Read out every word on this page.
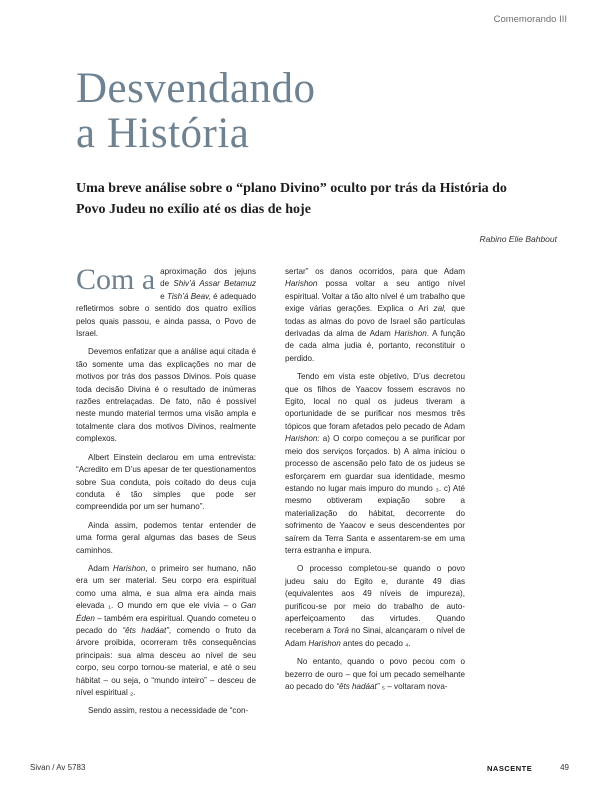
Comemorando III
Desvendando
a História

Uma breve análise sobre o “plano Divino” oculto por trás da História do Povo Judeu no exílio até os dias de hoje

Rabino Elie Bahbout

Com a aproximação dos jejuns de Shiv’á Assar Betamuz e Tish’á Beav, é adequado refletirmos sobre o sentido dos quatro exílios pelos quais passou, e ainda passa, o Povo de Israel.

Devemos enfatizar que a análise aqui citada é tão somente uma das explicações no mar de motivos por trás dos passos Divinos. Pois quase toda decisão Divina é o resultado de inúmeras razões entrelaçadas. De fato, não é possível neste mundo material termos uma visão ampla e totalmente clara dos motivos Divinos, realmente complexos.

Albert Einstein declarou em uma entrevista: “Acredito em D’us apesar de ter questionamentos sobre Sua conduta, pois coitado do deus cuja conduta é tão simples que pode ser compreendida por um ser humano”.

Ainda assim, podemos tentar entender de uma forma geral algumas das bases de Seus caminhos.

Adam Harishon, o primeiro ser humano, não era um ser material. Seu corpo era espiritual como uma alma, e sua alma era ainda mais elevada ₁. O mundo em que ele vivia – o Gan Éden – também era espiritual. Quando cometeu o pecado do “êts hadáat”, comendo o fruto da árvore proibida, ocorreram três consequências principais: sua alma desceu ao nível de seu corpo, seu corpo tornou-se material, e até o seu hábitat – ou seja, o “mundo inteiro” – desceu de nível espiritual ₂.

Sendo assim, restou a necessidade de “con-

sertar” os danos ocorridos, para que Adam Harishon possa voltar a seu antigo nível espiritual. Voltar a tão alto nível é um trabalho que exige várias gerações. Explica o Ari zal, que todas as almas do povo de Israel são partículas derivadas da alma de Adam Harishon. A função de cada alma judia é, portanto, reconstituir o perdido.

Tendo em vista este objetivo, D’us decretou que os filhos de Yaacov fossem escravos no Egito, local no qual os judeus tiveram a oportunidade de se purificar nos mesmos três tópicos que foram afetados pelo pecado de Adam Harishon: a) O corpo começou a se purificar por meio dos serviços forçados. b) A alma iniciou o processo de ascensão pelo fato de os judeus se esforçarem em guardar sua identidade, mesmo estando no lugar mais impuro do mundo ₃. c) Até mesmo obtiveram expiação sobre a materialização do hábitat, decorrente do sofrimento de Yaacov e seus descendentes por saírem da Terra Santa e assentarem-se em uma terra estranha e impura.

O processo completou-se quando o povo judeu saiu do Egito e, durante 49 dias (equivalentes aos 49 níveis de impureza), purificou-se por meio do trabalho de auto-aperfeiçoamento das virtudes. Quando receberam a Torá no Sinai, alcançaram o nível de Adam Harishon antes do pecado ₄.

No entanto, quando o povo pecou com o bezerro de ouro – que foi um pecado semelhante ao pecado do “êts hadáat” ₅ – voltaram nova-

Sivan / Av 5783	NASCENTE	49
